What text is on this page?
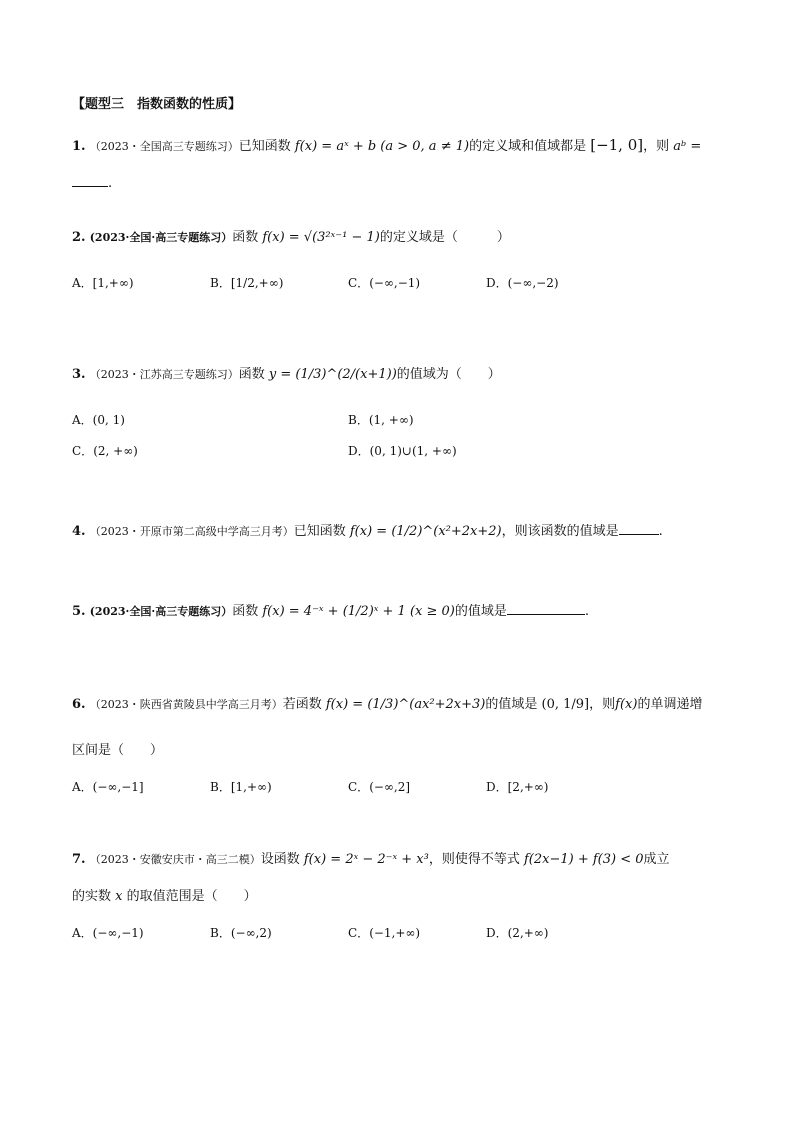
【题型三　指数函数的性质】
1. （2023・全国高三专题练习）已知函数 f(x) = aˣ + b (a > 0, a ≠ 1)的定义域和值域都是 [−1, 0]，则 aᵇ =
.
2. (2023·全国·高三专题练习）函数 f(x) = √(3²ˣ⁻¹ − 1)的定义域是（　　　）
A．[1,+∞)	B．[1/2,+∞)	C．(−∞,−1)	D．(−∞,−2)
3. （2023・江苏高三专题练习）函数 y = (1/3)^(2/(x+1))的值域为（　　）
A．(0, 1)	B．(1, +∞)
C．(2, +∞)	D．(0, 1)∪(1, +∞)
4. （2023・开原市第二高级中学高三月考）已知函数 f(x) = (1/2)^(x²+2x+2)，则该函数的值域是	.
5. (2023·全国·高三专题练习）函数 f(x) = 4⁻ˣ + (1/2)ˣ + 1 (x ≥ 0)的值域是	.
6. （2023・陕西省黄陵县中学高三月考）若函数 f(x) = (1/3)^(ax²+2x+3)的值域是 (0, 1/9]，则f(x)的单调递增
区间是（　　）
A．(−∞,−1]	B．[1,+∞)	C．(−∞,2]	D．[2,+∞)
7. （2023・安徽安庆市・高三二模）设函数 f(x) = 2ˣ − 2⁻ˣ + x³，则使得不等式 f(2x−1) + f(3) < 0成立
的实数 x 的取值范围是（　　）
A．(−∞,−1)	B．(−∞,2)	C．(−1,+∞)	D．(2,+∞)
